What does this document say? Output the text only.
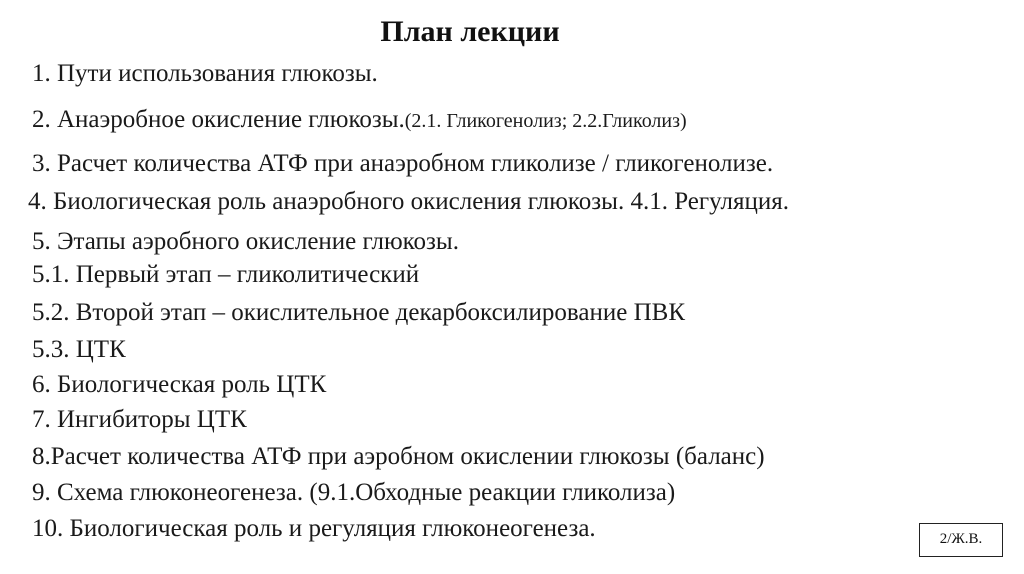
План лекции
1. Пути использования глюкозы.
2. Анаэробное окисление глюкозы.(2.1. Гликогенолиз; 2.2.Гликолиз)
3. Расчет количества АТФ при анаэробном гликолизе / гликогенолизе.
4. Биологическая роль анаэробного окисления глюкозы. 4.1. Регуляция.
5. Этапы аэробного окисление глюкозы.
5.1. Первый этап – гликолитический
5.2. Второй этап – окислительное декарбоксилирование ПВК
5.3. ЦТК
6. Биологическая роль ЦТК
7. Ингибиторы ЦТК
8.Расчет количества АТФ при аэробном окислении глюкозы (баланс)
9. Схема глюконеогенеза. (9.1.Обходные реакции гликолиза)
10. Биологическая роль и регуляция глюконеогенеза.	2/Ж.В.
